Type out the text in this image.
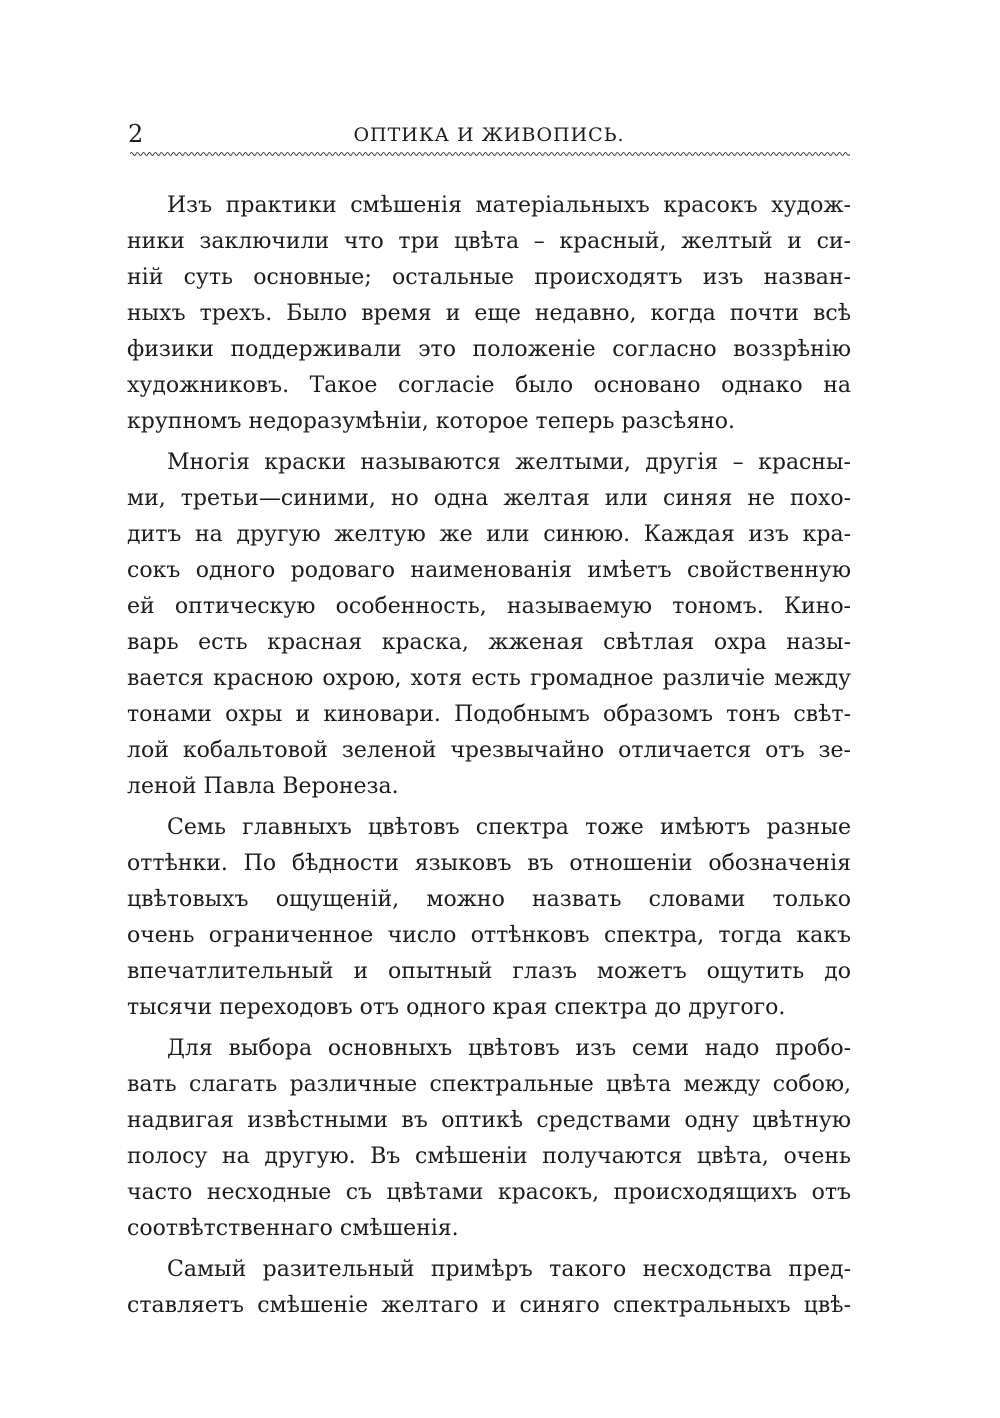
2	ОПТИКА И ЖИВОПИСЬ.
Изъ практики смѣшенія матеріальныхъ красокъ худож-
ники заключили что три цвѣта – красный, желтый и си-
ній суть основные; остальные происходятъ изъ назван-
ныхъ трехъ. Было время и еще недавно, когда почти всѣ
физики поддерживали это положеніе согласно воззрѣнію
художниковъ. Такое согласіе было основано однако на
крупномъ недоразумѣніи, которое теперь разсѣяно.
Многія краски называются желтыми, другія – красны-
ми, третьи—синими, но одна желтая или синяя не похо-
дитъ на другую желтую же или синюю. Каждая изъ кра-
сокъ одного родоваго наименованія имѣетъ свойственную
ей оптическую особенность, называемую тономъ. Кино-
варь есть красная краска, жженая свѣтлая охра назы-
вается красною охрою, хотя есть громадное различіе между
тонами охры и киновари. Подобнымъ образомъ тонъ свѣт-
лой кобальтовой зеленой чрезвычайно отличается отъ зе-
леной Павла Веронеза.
Семь главныхъ цвѣтовъ спектра тоже имѣютъ разные
оттѣнки. По бѣдности языковъ въ отношеніи обозначенія
цвѣтовыхъ ощущеній, можно назвать словами только
очень ограниченное число оттѣнковъ спектра, тогда какъ
впечатлительный и опытный глазъ можетъ ощутить до
тысячи переходовъ отъ одного края спектра до другого.
Для выбора основныхъ цвѣтовъ изъ семи надо пробо-
вать слагать различные спектральные цвѣта между собою,
надвигая извѣстными въ оптикѣ средствами одну цвѣтную
полосу на другую. Въ смѣшеніи получаются цвѣта, очень
часто несходные съ цвѣтами красокъ, происходящихъ отъ
соотвѣтственнаго смѣшенія.
Самый разительный примѣръ такого несходства пред-
ставляетъ смѣшеніе желтаго и синяго спектральныхъ цвѣ-
